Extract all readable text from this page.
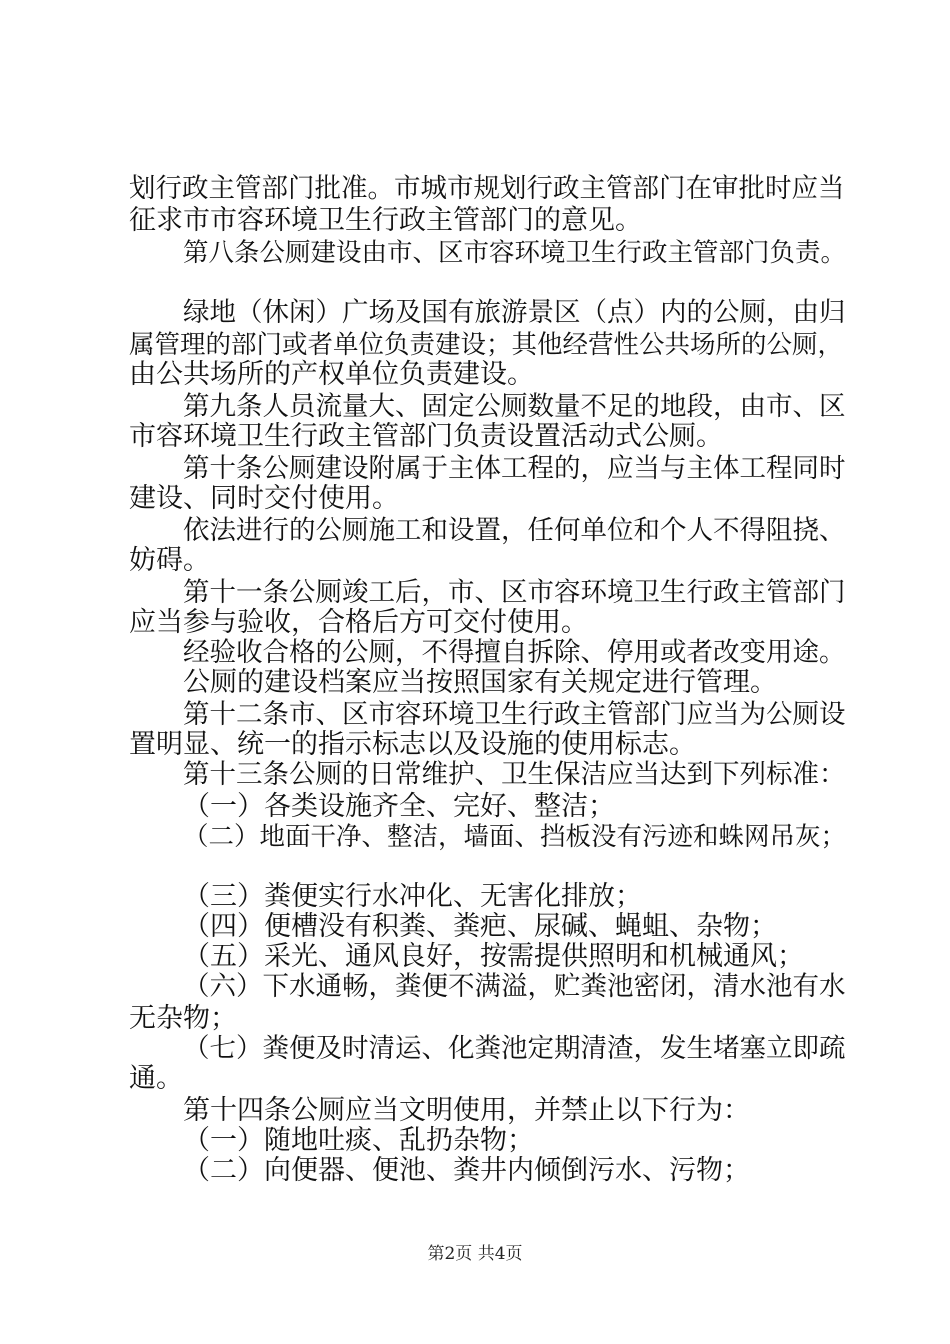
划行政主管部门批准。市城市规划行政主管部门在审批时应当

征求市市容环境卫生行政主管部门的意见。

第八条公厕建设由市、区市容环境卫生行政主管部门负责。

绿地（休闲）广场及国有旅游景区（点）内的公厕，由归

属管理的部门或者单位负责建设；其他经营性公共场所的公厕，

由公共场所的产权单位负责建设。

第九条人员流量大、固定公厕数量不足的地段，由市、区

市容环境卫生行政主管部门负责设置活动式公厕。

第十条公厕建设附属于主体工程的，应当与主体工程同时

建设、同时交付使用。

依法进行的公厕施工和设置，任何单位和个人不得阻挠、

妨碍。

第十一条公厕竣工后，市、区市容环境卫生行政主管部门

应当参与验收，合格后方可交付使用。

经验收合格的公厕，不得擅自拆除、停用或者改变用途。

公厕的建设档案应当按照国家有关规定进行管理。

第十二条市、区市容环境卫生行政主管部门应当为公厕设

置明显、统一的指示标志以及设施的使用标志。

第十三条公厕的日常维护、卫生保洁应当达到下列标准：

（一）各类设施齐全、完好、整洁；

（二）地面干净、整洁，墙面、挡板没有污迹和蛛网吊灰；

（三）粪便实行水冲化、无害化排放；

（四）便槽没有积粪、粪疤、尿碱、蝇蛆、杂物；

（五）采光、通风良好，按需提供照明和机械通风；

（六）下水通畅，粪便不满溢，贮粪池密闭，清水池有水

无杂物；

（七）粪便及时清运、化粪池定期清渣，发生堵塞立即疏

通。

第十四条公厕应当文明使用，并禁止以下行为：

（一）随地吐痰、乱扔杂物；

（二）向便器、便池、粪井内倾倒污水、污物；

第2页 共4页
